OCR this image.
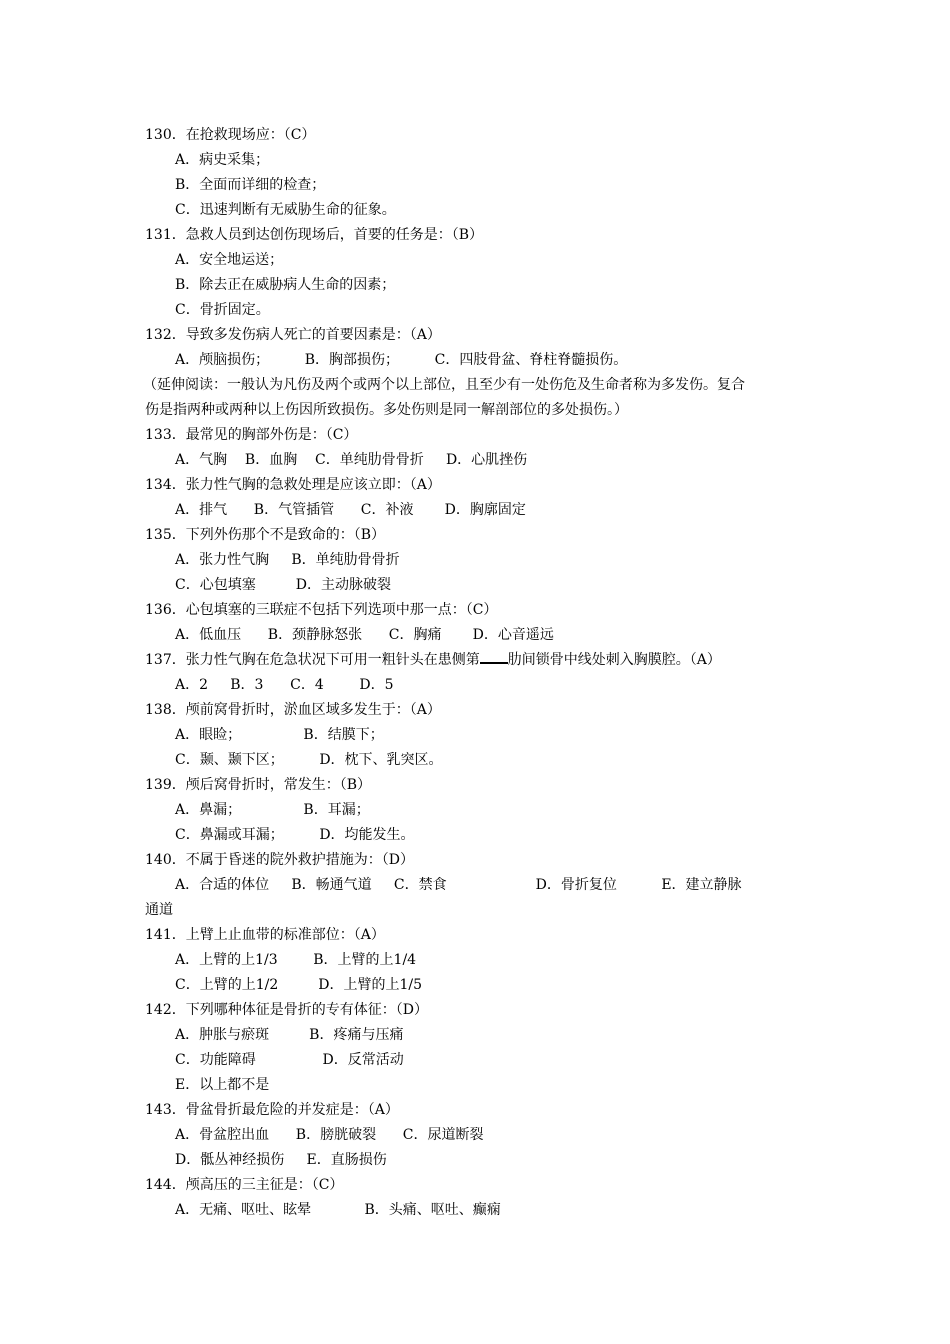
130．在抢救现场应：（C）
A．病史采集；
B．全面而详细的检查；
C．迅速判断有无威胁生命的征象。
131．急救人员到达创伤现场后，首要的任务是：（B）
A．安全地运送；
B．除去正在威胁病人生命的因素；
C．骨折固定。
132．导致多发伤病人死亡的首要因素是：（A）
A．颅脑损伤；        B．胸部损伤；        C．四肢骨盆、脊柱脊髓损伤。
（延伸阅读：一般认为凡伤及两个或两个以上部位，且至少有一处伤危及生命者称为多发伤。复合
伤是指两种或两种以上伤因所致损伤。多处伤则是同一解剖部位的多处损伤。）
133．最常见的胸部外伤是：（C）
A．气胸    B．血胸    C．单纯肋骨骨折     D．心肌挫伤
134．张力性气胸的急救处理是应该立即：（A）
A．排气      B．气管插管      C．补液       D．胸廓固定
135．下列外伤那个不是致命的：（B）
A．张力性气胸     B．单纯肋骨骨折
C．心包填塞         D．主动脉破裂
136．心包填塞的三联症不包括下列选项中那一点：（C）
A．低血压      B．颈静脉怒张      C．胸痛       D．心音遥远
137．张力性气胸在危急状况下可用一粗针头在患侧第 肋间锁骨中线处刺入胸膜腔。（A）
A．2     B．3      C．4        D．5
138．颅前窝骨折时，淤血区域多发生于：（A）
A．眼睑；              B．结膜下；
C．颞、颞下区；        D．枕下、乳突区。
139．颅后窝骨折时，常发生：（B）
A．鼻漏；              B．耳漏；
C．鼻漏或耳漏；        D．均能发生。
140．不属于昏迷的院外救护措施为：（D）
A．合适的体位     B．畅通气道     C．禁食                    D．骨折复位          E．建立静脉
通道
141．上臂上止血带的标准部位：（A）
A．上臂的上1/3        B．上臂的上1/4
C．上臂的上1/2         D．上臂的上1/5
142．下列哪种体征是骨折的专有体征：（D）
A．肿胀与瘀斑         B．疼痛与压痛
C．功能障碍               D．反常活动
E．以上都不是
143．骨盆骨折最危险的并发症是：（A）
A．骨盆腔出血      B．膀胱破裂      C．尿道断裂
D．骶丛神经损伤     E．直肠损伤
144．颅高压的三主征是：（C）
A．无痛、呕吐、眩晕            B．头痛、呕吐、癫痫
